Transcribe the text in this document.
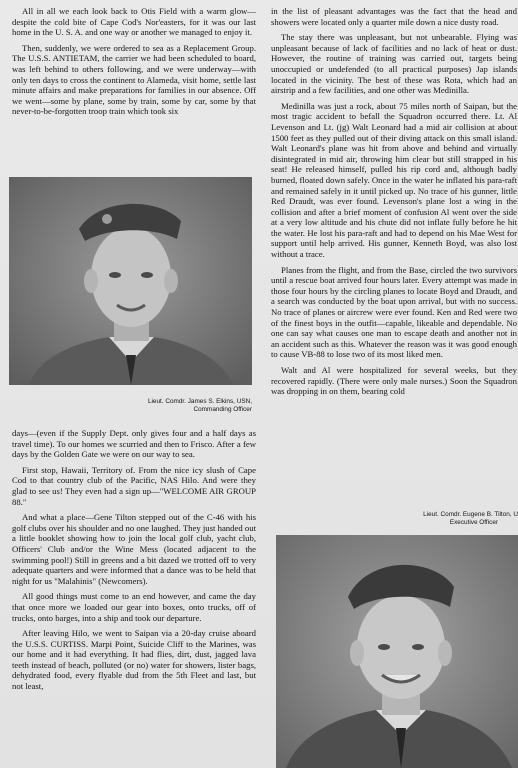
All in all we each look back to Otis Field with a warm glow—despite the cold bite of Cape Cod's Nor'easters, for it was our last home in the U. S. A. and one way or another we managed to enjoy it.

Then, suddenly, we were ordered to sea as a Replacement Group. The U.S.S. ANTIETAM, the carrier we had been scheduled to board, was left behind to others following, and we were underway—with only ten days to cross the continent to Alameda, visit home, settle last minute affairs and make preparations for families in our absence. Off we went—some by plane, some by train, some by car, some by that never-to-be-forgotten troop train which took six

Lieut. Comdr. James S. Elkins, USN,
Commanding Officer

days—(even if the Supply Dept. only gives four and a half days as travel time). To our homes we scurried and then to Frisco. After a few days by the Golden Gate we were on our way to sea.

First stop, Hawaii, Territory of. From the nice icy slush of Cape Cod to that country club of the Pacific, NAS Hilo. And were they glad to see us! They even had a sign up—"WELCOME AIR GROUP 88."

And what a place—Gene Tilton stepped out of the C-46 with his golf clubs over his shoulder and no one laughed. They just handed out a little booklet showing how to join the local golf club, yacht club, Officers' Club and/or the Wine Mess (located adjacent to the swimming pool!) Still in greens and a bit dazed we trotted off to very adequate quarters and were informed that a dance was to be held that night for us "Malahinis" (Newcomers).

All good things must come to an end however, and came the day that once more we loaded our gear into boxes, onto trucks, off of trucks, onto barges, into a ship and took our departure.

After leaving Hilo, we went to Saipan via a 20-day cruise aboard the U.S.S. CURTISS. Marpi Point, Suicide Cliff to the Marines, was our home and it had everything. It had flies, dirt, dust, jagged lava teeth instead of beach, polluted (or no) water for showers, lister bags, dehydrated food, every flyable dud from the 5th Fleet and last, but not least,

in the list of pleasant advantages was the fact that the head and showers were located only a quarter mile down a nice dusty road.

The stay there was unpleasant, but not unbearable. Flying was unpleasant because of lack of facilities and no lack of heat or dust. However, the routine of training was carried out, targets being unoccupied or undefended (to all practical purposes) Jap islands located in the vicinity. The best of these was Rota, which had an airstrip and a few facilities, and one other was Medinilla.

Medinilla was just a rock, about 75 miles north of Saipan, but the most tragic accident to befall the Squadron occurred there. Lt. Al Levenson and Lt. (jg) Walt Leonard had a mid air collision at about 1500 feet as they pulled out of their diving attack on this small island. Walt Leonard's plane was hit from above and behind and virtually disintegrated in mid air, throwing him clear but still strapped in his seat! He released himself, pulled his rip cord and, although badly burned, floated down safely. Once in the water he inflated his para-raft and remained safely in it until picked up. No trace of his gunner, little Red Draudt, was ever found. Levenson's plane lost a wing in the collision and after a brief moment of confusion Al went over the side at a very low altitude and his chute did not inflate fully before he hit the water. He lost his para-raft and had to depend on his Mae West for support until help arrived. His gunner, Kenneth Boyd, was also lost without a trace.

Planes from the flight, and from the Base, circled the two survivors until a rescue boat arrived four hours later. Every attempt was made in those four hours by the circling planes to locate Boyd and Draudt, and a search was conducted by the boat upon arrival, but with no success. No trace of planes or aircrew were ever found. Ken and Red were two of the finest boys in the outfit—capable, likeable and dependable. No one can say what causes one man to escape death and another not in an accident such as this. Whatever the reason was it was good enough to cause VB-88 to lose two of its most liked men.

Walt and Al were hospitalized for several weeks, but they recovered rapidly. (There were only male nurses.) Soon the Squadron was dropping in on them, bearing cold

Lieut. Comdr. Eugene B. Tilton, U
Executive Officer
